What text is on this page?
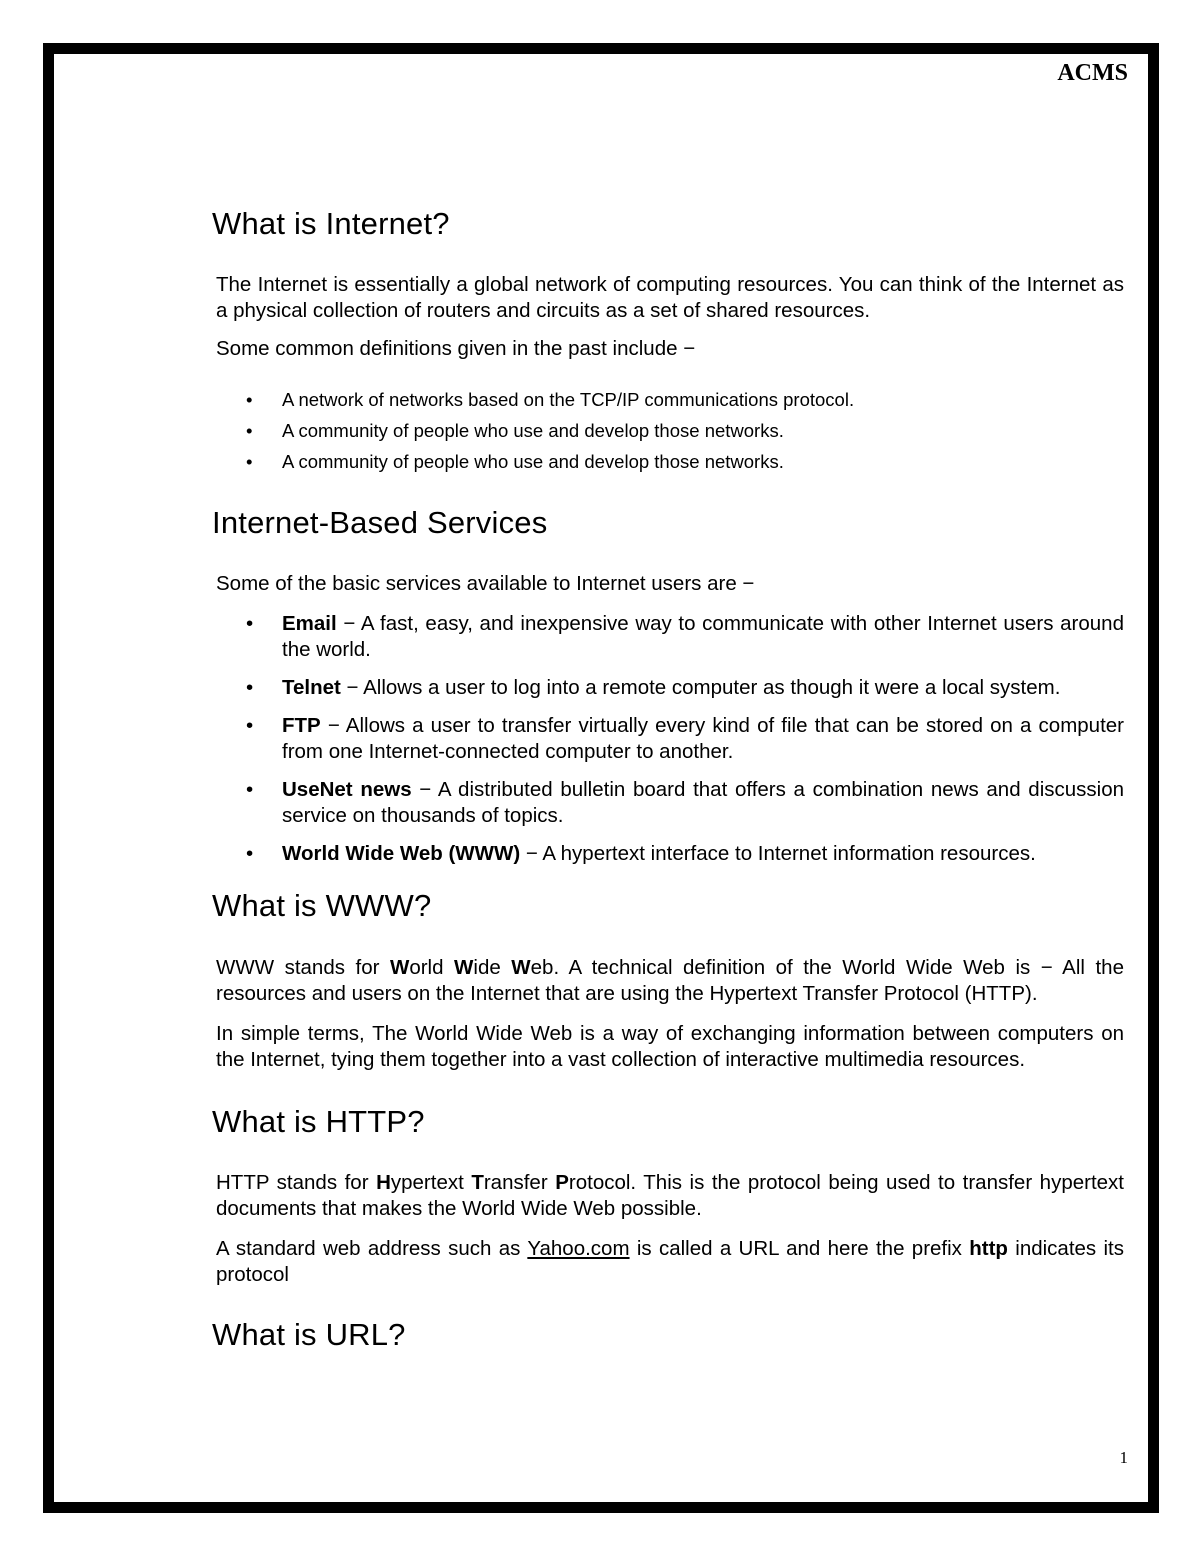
ACMS
What is Internet?

The Internet is essentially a global network of computing resources. You can think of the Internet as a physical collection of routers and circuits as a set of shared resources.

Some common definitions given in the past include −

• A network of networks based on the TCP/IP communications protocol.
• A community of people who use and develop those networks.
• A community of people who use and develop those networks.
Internet-Based Services

Some of the basic services available to Internet users are −

• Email − A fast, easy, and inexpensive way to communicate with other Internet users around the world.
• Telnet − Allows a user to log into a remote computer as though it were a local system.
• FTP − Allows a user to transfer virtually every kind of file that can be stored on a computer from one Internet-connected computer to another.
• UseNet news − A distributed bulletin board that offers a combination news and discussion service on thousands of topics.
• World Wide Web (WWW) − A hypertext interface to Internet information resources.
What is WWW?

WWW stands for World Wide Web. A technical definition of the World Wide Web is − All the resources and users on the Internet that are using the Hypertext Transfer Protocol (HTTP).

In simple terms, The World Wide Web is a way of exchanging information between computers on the Internet, tying them together into a vast collection of interactive multimedia resources.

What is HTTP?

HTTP stands for Hypertext Transfer Protocol. This is the protocol being used to transfer hypertext documents that makes the World Wide Web possible.

A standard web address such as Yahoo.com is called a URL and here the prefix http indicates its protocol

What is URL?
1
